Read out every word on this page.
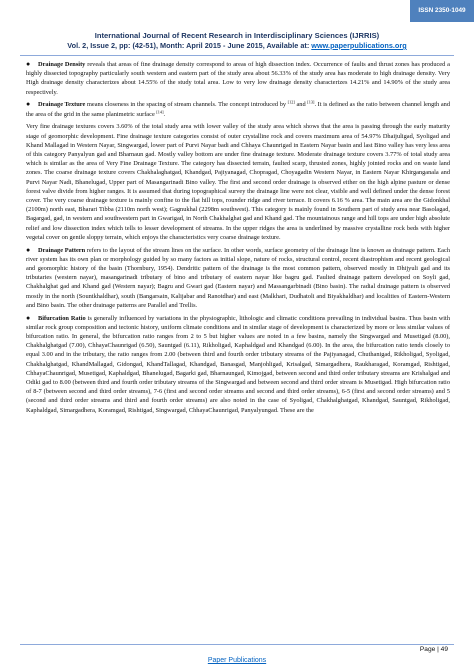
ISSN 2350-1049
International Journal of Recent Research in Interdisciplinary Sciences (IJRRIS)
Vol. 2, Issue 2, pp: (42-51), Month: April 2015 - June 2015, Available at: www.paperpublications.org

● Drainage Density reveals that areas of fine drainage density correspond to areas of high dissection index. Occurrence of faults and thrust zones has produced a highly dissected topography particularly south western and eastern part of the study area about 56.33% of the study area has moderate to high drainage density. Very High drainage density characterizes about 14.55% of the study total area. Low to very low drainage density characterizes 14.21% and 14.90% of the study area respectively.

● Drainage Texture means closeness in the spacing of stream channels. The concept introduced by [12] and [13]. It is defined as the ratio between channel length and the area of the grid in the same planimetric surface [14].

Very fine drainage textures covers 3.60% of the total study area with lower valley of the study area which shows that the area is passing through the early maturity stage of geomorphic development. Fine drainage texture categories consist of outer crystalline rock and covers maximum area of 54.97% Dhaijuligad, Syoligad and Khand Mallagad in Western Nayar, Singwargad, lower part of Purvi Nayar badi and Chhaya Chaunrigad in Eastern Nayar basin and last Bino valley has very less area of this category Panyalyun gad and Bharnaun gad. Mostly valley bottom are under fine drainage texture. Moderate drainage texture covers 3.77% of total study area which is similar as the area of Very Fine Drainage Texture. The category has dissected terrain, faulted scarp, thrusted zones, highly jointed rocks and on waste land zones. The coarse drainage texture covers Chakhalaghatgad, Khandgad, Pajiyanagad, Chopragad, Choyagadin Western Nayar, in Eastern Nayar Khirganganala and Purvi Nayar Nadi, Bhanelugad, Upper part of Masangarinadi Bino valley. The first and second order drainage is observed either on the high alpine pasture or dense forest valve divide from higher ranges. It is assumed that during topographical survey the drainage line were not clear, visible and well defined under the dense forest cover. The very coarse drainage texture is mainly confine to the flat hill tops, rounder ridge and river terrace. It covers 6.16 % area. The main area are the Gidonkhal (2100m) north east, Bharari Tibba (2110m north west); Gagnukhal (2298m southwest). This category is mainly found in Southern part of study area near Basolagad, Bagargad, gad, in western and southwestern part in Gwarigad, in North Chakhalghat gad and Khand gad. The mountainous range and hill tops are under high absolute relief and low dissection index which tells to lesser development of streams. In the upper ridges the area is underlined by massive crystalline rock beds with higher vegetal cover on gentle sloppy terrain, which enjoys the characteristics very coarse drainage texture.

● Drainage Pattern refers to the layout of the stream lines on the surface. In other words, surface geometry of the drainage line is known as drainage pattern. Each river system has its own plan or morphology guided by so many factors as initial slope, nature of rocks, structural control, recent diastrophism and recent geological and geomorphic history of the basin (Thornbury, 1954). Dendritic pattern of the drainage is the most common pattern, observed mostly in Dhijyuli gad and its tributaries (western nayar), masangarinadi tributary of bino and tributary of eastern nayar like bagru gad. Faulted drainage pattern developed on Soyli gad, Chakhalghat gad and Khand gad (Western nayar); Bagru and Gwari gad (Eastern nayar) and Massangarbinadi (Bino basin). The radial drainage pattern is observed mostly in the north (Sountkhaldhar), south (Bangarsain, Kalijabar and Ranotdhar) and east (Malkhari, Dudhatoli and Biyakhaldhar) and localities of Eastern-Western and Bino basin. The other drainage patterns are Parallel and Trellis.

● Bifurcation Ratio is generally influenced by variations in the physiographic, lithologic and climatic conditions prevailing in individual basins. Thus basin with similar rock group composition and tectonic history, uniform climate conditions and in similar stage of development is characterized by more or less similar values of bifurcation ratio. In general, the bifurcation ratio ranges from 2 to 5 but higher values are noted in a few basins, namely the Singwargad and Musetigad (8.00), Chakhalghatgad (7.00), ChhayaChaunrigad (6.50), Sauntgad (6.11), Rikholigad, Kaphaldgad and Khandgad (6.00). In the area, the bifurcation ratio tends closely to equal 3.00 and in the tributary, the ratio ranges from 2.00 (between third and fourth order tributary streams of the Pajiyanagad, Chuthanigad, Rikholigad, Syoligad, Chakhalghatgad, KhandMallagad, Gidongad, KhandTallagad, Khandgad, Banasgad, Manjohligad, Krisalgad, Simargadhera, Raukharagad, Koramgad, Rishtigad, ChhayaChaunrigad, Musetigad, Kaphaldgad, Bhanelugad, Bagarki gad, Bharnaungad, Kimojgad, between second and third order tributary streams are Krishalgad and Odiki gad to 8.00 (between third and fourth order tributary streams of the Singwargad and between second and third order stream is Musetigad. High bifurcation ratio of 8-7 (between second and third order streams), 7-6 (first and second order streams and second and third order streams), 6-5 (first and second order streams) and 5 (second and third order streams and third and fourth order streams) are also noted in the case of Syoligad, Chakhalghatgad, Khandgad, Sauntgad, Rikholigad, Kaphaldgad, Simargadhera, Koramgad, Rishtigad, Singwargad, ChhayaChaunrigad, Panyalyungad. These are the

Page | 49
Paper Publications
